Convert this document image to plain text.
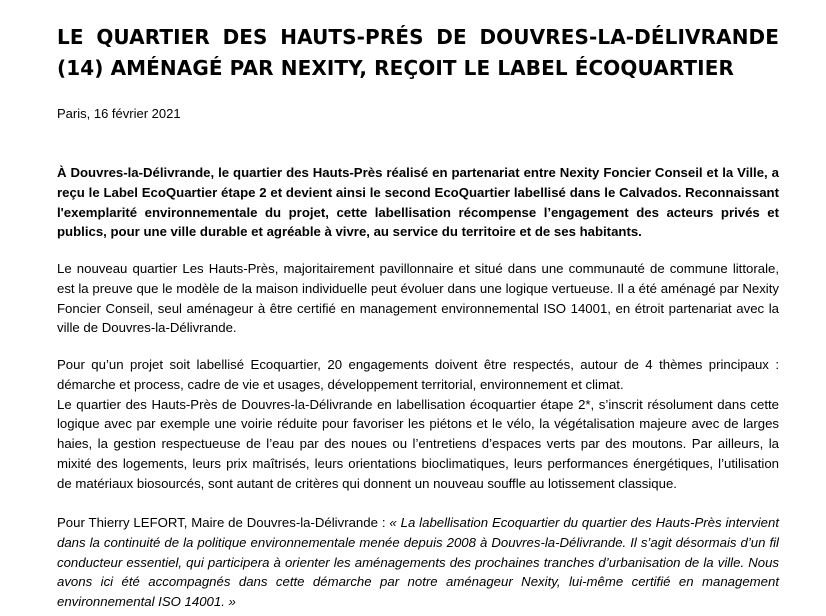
LE QUARTIER DES HAUTS-PRÉS DE DOUVRES-LA-DÉLIVRANDE (14) AMÉNAGÉ PAR NEXITY, REÇOIT LE LABEL ÉCOQUARTIER

Paris, 16 février 2021

À Douvres-la-Délivrande, le quartier des Hauts-Près réalisé en partenariat entre Nexity Foncier Conseil et la Ville, a reçu le Label EcoQuartier étape 2 et devient ainsi le second EcoQuartier labellisé dans le Calvados. Reconnaissant l'exemplarité environnementale du projet, cette labellisation récompense l’engagement des acteurs privés et publics, pour une ville durable et agréable à vivre, au service du territoire et de ses habitants.

Le nouveau quartier Les Hauts-Près, majoritairement pavillonnaire et situé dans une communauté de commune littorale, est la preuve que le modèle de la maison individuelle peut évoluer dans une logique vertueuse. Il a été aménagé par Nexity Foncier Conseil, seul aménageur à être certifié en management environnemental ISO 14001, en étroit partenariat avec la ville de Douvres-la-Délivrande.

Pour qu’un projet soit labellisé Ecoquartier, 20 engagements doivent être respectés, autour de 4 thèmes principaux : démarche et process, cadre de vie et usages, développement territorial, environnement et climat.

Le quartier des Hauts-Près de Douvres-la-Délivrande en labellisation écoquartier étape 2*, s’inscrit résolument dans cette logique avec par exemple une voirie réduite pour favoriser les piétons et le vélo, la végétalisation majeure avec de larges haies, la gestion respectueuse de l’eau par des noues ou l’entretiens d’espaces verts par des moutons. Par ailleurs, la mixité des logements, leurs prix maîtrisés, leurs orientations bioclimatiques, leurs performances énergétiques, l’utilisation de matériaux biosourcés, sont autant de critères qui donnent un nouveau souffle au lotissement classique.

Pour Thierry LEFORT, Maire de Douvres-la-Délivrande : « La labellisation Ecoquartier du quartier des Hauts-Près intervient dans la continuité de la politique environnementale menée depuis 2008 à Douvres-la-Délivrande. Il s’agit désormais d’un fil conducteur essentiel, qui participera à orienter les aménagements des prochaines tranches d’urbanisation de la ville. Nous avons ici été accompagnés dans cette démarche par notre aménageur Nexity, lui-même certifié en management environnemental ISO 14001. »
